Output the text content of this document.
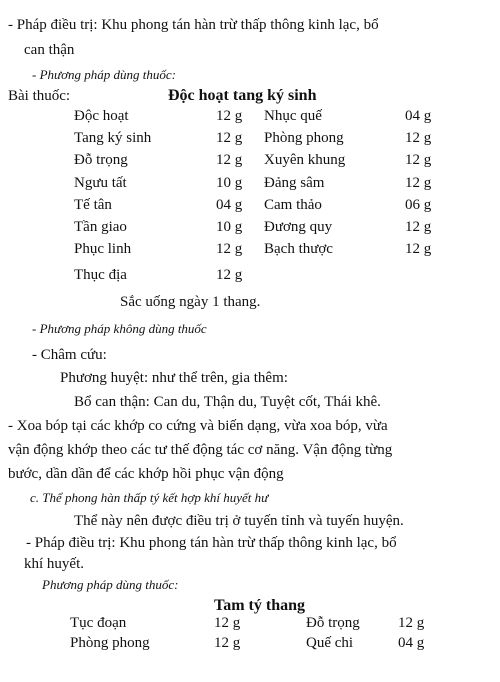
- Pháp điều trị: Khu phong tán hàn trừ thấp thông kinh lạc, bổ
can thận
- Phương pháp dùng thuốc:
Bài thuốc:	Độc hoạt tang ký sinh
Độc hoạt	12 g Nhục quế	04 g
Tang ký sinh	12 g Phòng phong	12 g
Đỗ trọng	12 g Xuyên khung	12 g
Ngưu tất	10 g Đảng sâm	12 g
Tế tân	04 g Cam thảo	06 g
Tần giao	10 g Đương quy	12 g
Phục linh	12 g Bạch thược	12 g
Thục địa	12 g
Sắc uống ngày 1 thang.
- Phương pháp không dùng thuốc
- Châm cứu:
Phương huyệt: như thể trên, gia thêm:
Bổ can thận: Can du, Thận du, Tuyệt cốt, Thái khê.
- Xoa bóp tại các khớp co cứng và biến dạng, vừa xoa bóp, vừa
vận động khớp theo các tư thế động tác cơ năng. Vận động từng
bước, dần dần để các khớp hồi phục vận động
c. Thể phong hàn thấp tý kết hợp khí huyết hư
Thể này nên được điều trị ở tuyến tỉnh và tuyến huyện.
- Pháp điều trị: Khu phong tán hàn trừ thấp thông kinh lạc, bổ
khí huyết.
Phương pháp dùng thuốc:
Tam tý thang
Tục đoạn	12 g	Đỗ trọng	12 g
Phòng phong	12 g	Quế chi	04 g
